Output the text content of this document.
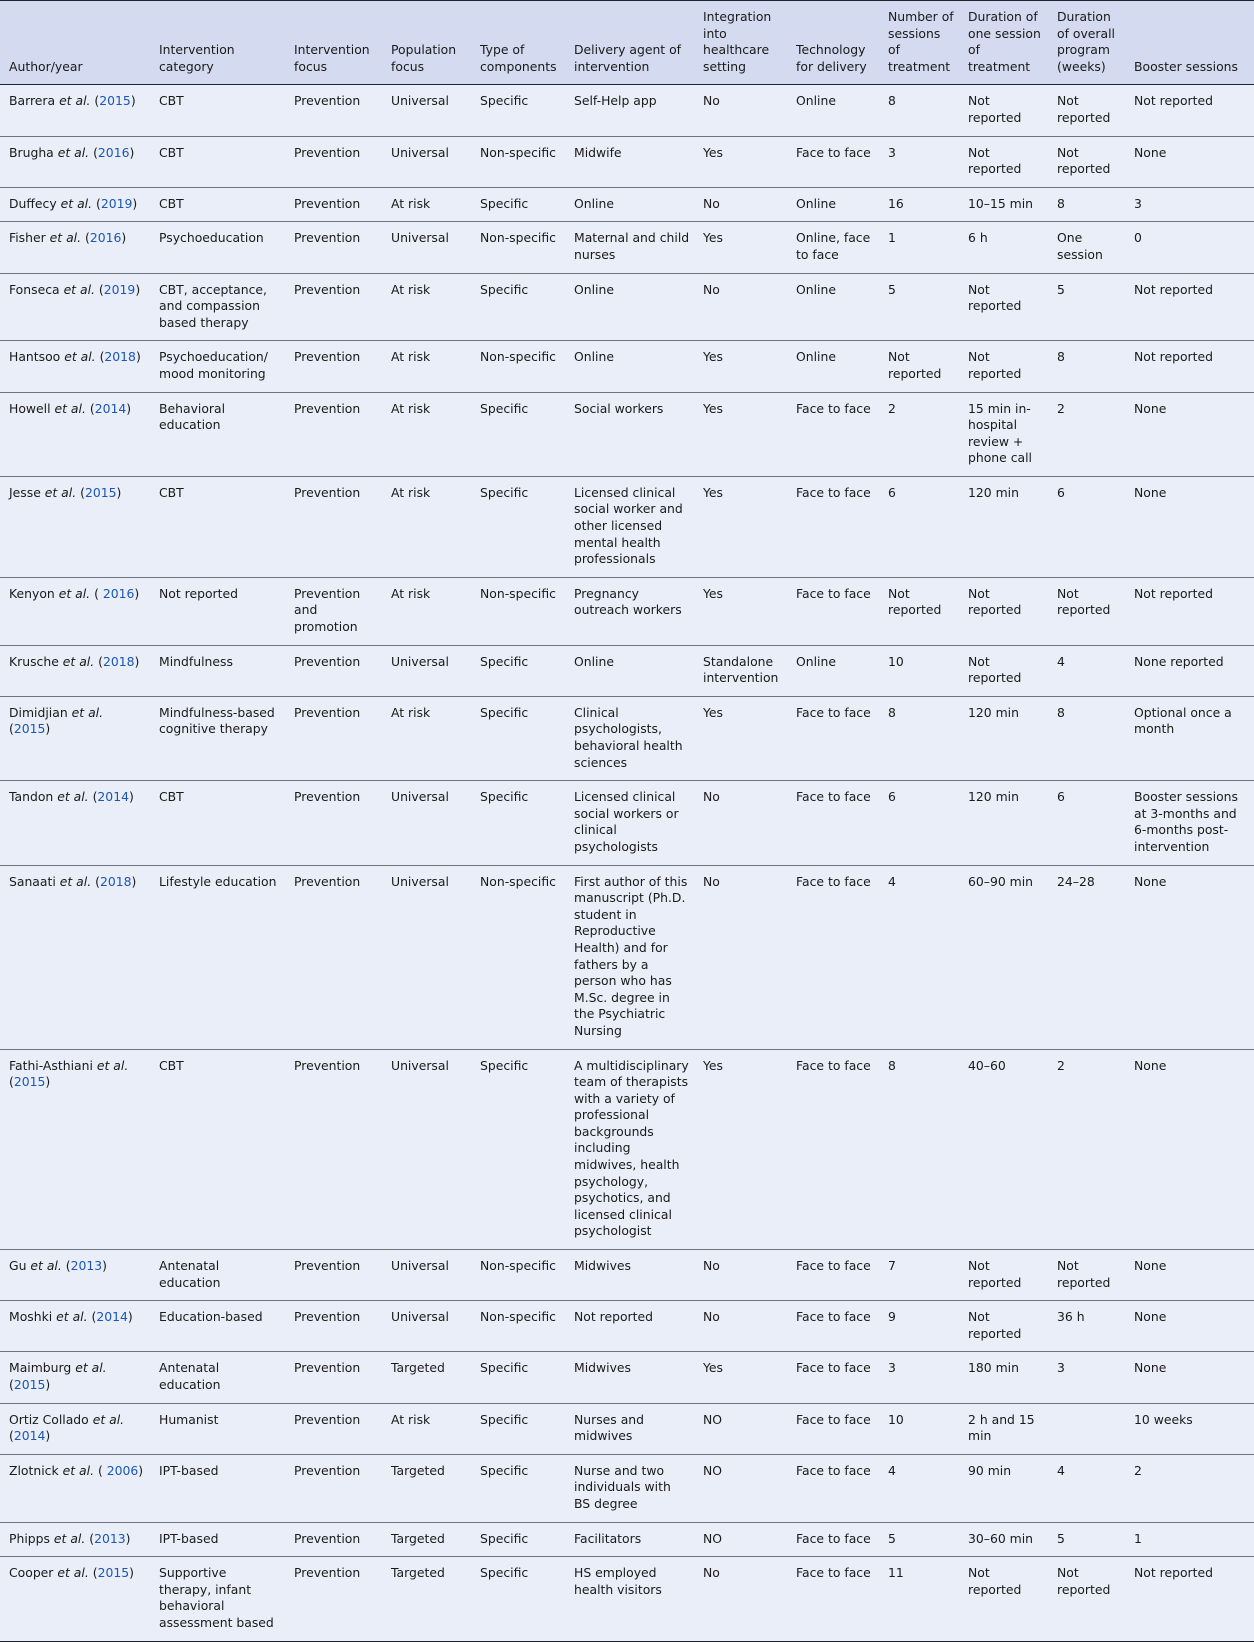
Author/year	Intervention category	Intervention focus	Population focus	Type of components	Delivery agent of intervention	Integration into healthcare setting	Technology for delivery	Number of sessions of treatment	Duration of one session of treatment	Duration of overall program (weeks)	Booster sessions
Barrera et al. (2015)	CBT	Prevention	Universal	Specific	Self-Help app	No	Online	8	Not reported	Not reported	Not reported
Brugha et al. (2016)	CBT	Prevention	Universal	Non-specific	Midwife	Yes	Face to face	3	Not reported	Not reported	None
Duffecy et al. (2019)	CBT	Prevention	At risk	Specific	Online	No	Online	16	10–15 min	8	3
Fisher et al. (2016)	Psychoeducation	Prevention	Universal	Non-specific	Maternal and child nurses	Yes	Online, face to face	1	6 h	One session	0
Fonseca et al. (2019)	CBT, acceptance, and compassion based therapy	Prevention	At risk	Specific	Online	No	Online	5	Not reported	5	Not reported
Hantsoo et al. (2018)	Psychoeducation/ mood monitoring	Prevention	At risk	Non-specific	Online	Yes	Online	Not reported	Not reported	8	Not reported
Howell et al. (2014)	Behavioral education	Prevention	At risk	Specific	Social workers	Yes	Face to face	2	15 min in-hospital review + phone call	2	None
Jesse et al. (2015)	CBT	Prevention	At risk	Specific	Licensed clinical social worker and other licensed mental health professionals	Yes	Face to face	6	120 min	6	None
Kenyon et al. ( 2016)	Not reported	Prevention and promotion	At risk	Non-specific	Pregnancy outreach workers	Yes	Face to face	Not reported	Not reported	Not reported	Not reported
Krusche et al. (2018)	Mindfulness	Prevention	Universal	Specific	Online	Standalone intervention	Online	10	Not reported	4	None reported
Dimidjian et al. (2015)	Mindfulness-based cognitive therapy	Prevention	At risk	Specific	Clinical psychologists, behavioral health sciences	Yes	Face to face	8	120 min	8	Optional once a month
Tandon et al. (2014)	CBT	Prevention	Universal	Specific	Licensed clinical social workers or clinical psychologists	No	Face to face	6	120 min	6	Booster sessions at 3-months and 6-months post-intervention
Sanaati et al. (2018)	Lifestyle education	Prevention	Universal	Non-specific	First author of this manuscript (Ph.D. student in Reproductive Health) and for fathers by a person who has M.Sc. degree in the Psychiatric Nursing	No	Face to face	4	60–90 min	24–28	None
Fathi-Asthiani et al. (2015)	CBT	Prevention	Universal	Specific	A multidisciplinary team of therapists with a variety of professional backgrounds including midwives, health psychology, psychotics, and licensed clinical psychologist	Yes	Face to face	8	40–60	2	None
Gu et al. (2013)	Antenatal education	Prevention	Universal	Non-specific	Midwives	No	Face to face	7	Not reported	Not reported	None
Moshki et al. (2014)	Education-based	Prevention	Universal	Non-specific	Not reported	No	Face to face	9	Not reported	36 h	None
Maimburg et al. (2015)	Antenatal education	Prevention	Targeted	Specific	Midwives	Yes	Face to face	3	180 min	3	None
Ortiz Collado et al. (2014)	Humanist	Prevention	At risk	Specific	Nurses and midwives	NO	Face to face	10	2 h and 15 min		10 weeks
Zlotnick et al. ( 2006)	IPT-based	Prevention	Targeted	Specific	Nurse and two individuals with BS degree	NO	Face to face	4	90 min	4	2
Phipps et al. (2013)	IPT-based	Prevention	Targeted	Specific	Facilitators	NO	Face to face	5	30–60 min	5	1
Cooper et al. (2015)	Supportive therapy, infant behavioral assessment based	Prevention	Targeted	Specific	HS employed health visitors	No	Face to face	11	Not reported	Not reported	Not reported
